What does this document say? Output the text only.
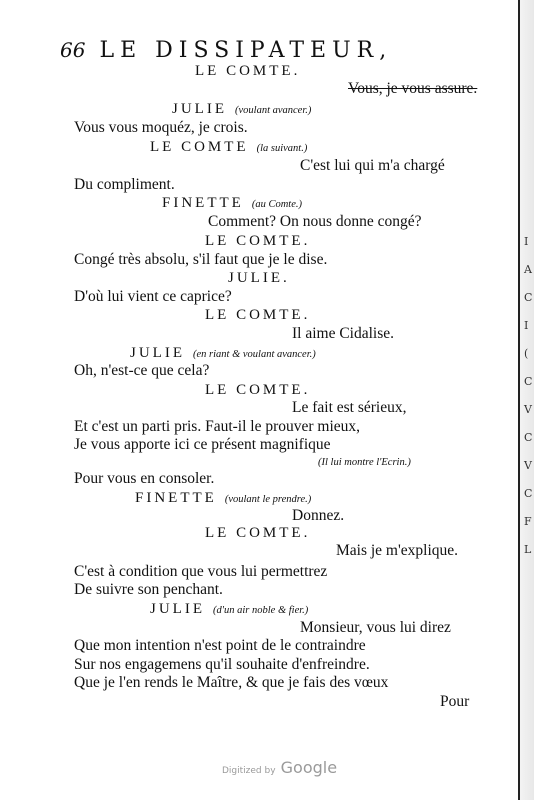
66 LE DISSIPATEUR,
LE COMTE.
Vous, je vous assure.
JULIE (voulant avancer.)
Vous vous moquéz, je crois.
LE COMTE (la suivant.)
C'est lui qui m'a chargé
Du compliment.
FINETTE (au Comte.)
Comment? On nous donne congé?
LE COMTE.
Congé très absolu, s'il faut que je le dise.
JULIE.
D'où lui vient ce caprice?
LE COMTE.
Il aime Cidalise.
JULIE (en riant & voulant avancer.)
Oh, n'est-ce que cela?
LE COMTE.
Le fait est sérieux,
Et c'est un parti pris. Faut-il le prouver mieux,
Je vous apporte ici ce présent magnifique
(Il lui montre l'Ecrin.)
Pour vous en consoler.
FINETTE (voulant le prendre.)
Donnez.
LE COMTE.
Mais je m'explique.
C'est à condition que vous lui permettrez
De suivre son penchant.
JULIE (d'un air noble & fier.)
Monsieur, vous lui direz
Que mon intention n'est point de le contraindre
Sur nos engagemens qu'il souhaite d'enfreindre.
Que je l'en rends le Maître, & que je fais des vœux
Pour
I
A
C
I
(
C
V
C
V
C
F
L
Digitized by Google
